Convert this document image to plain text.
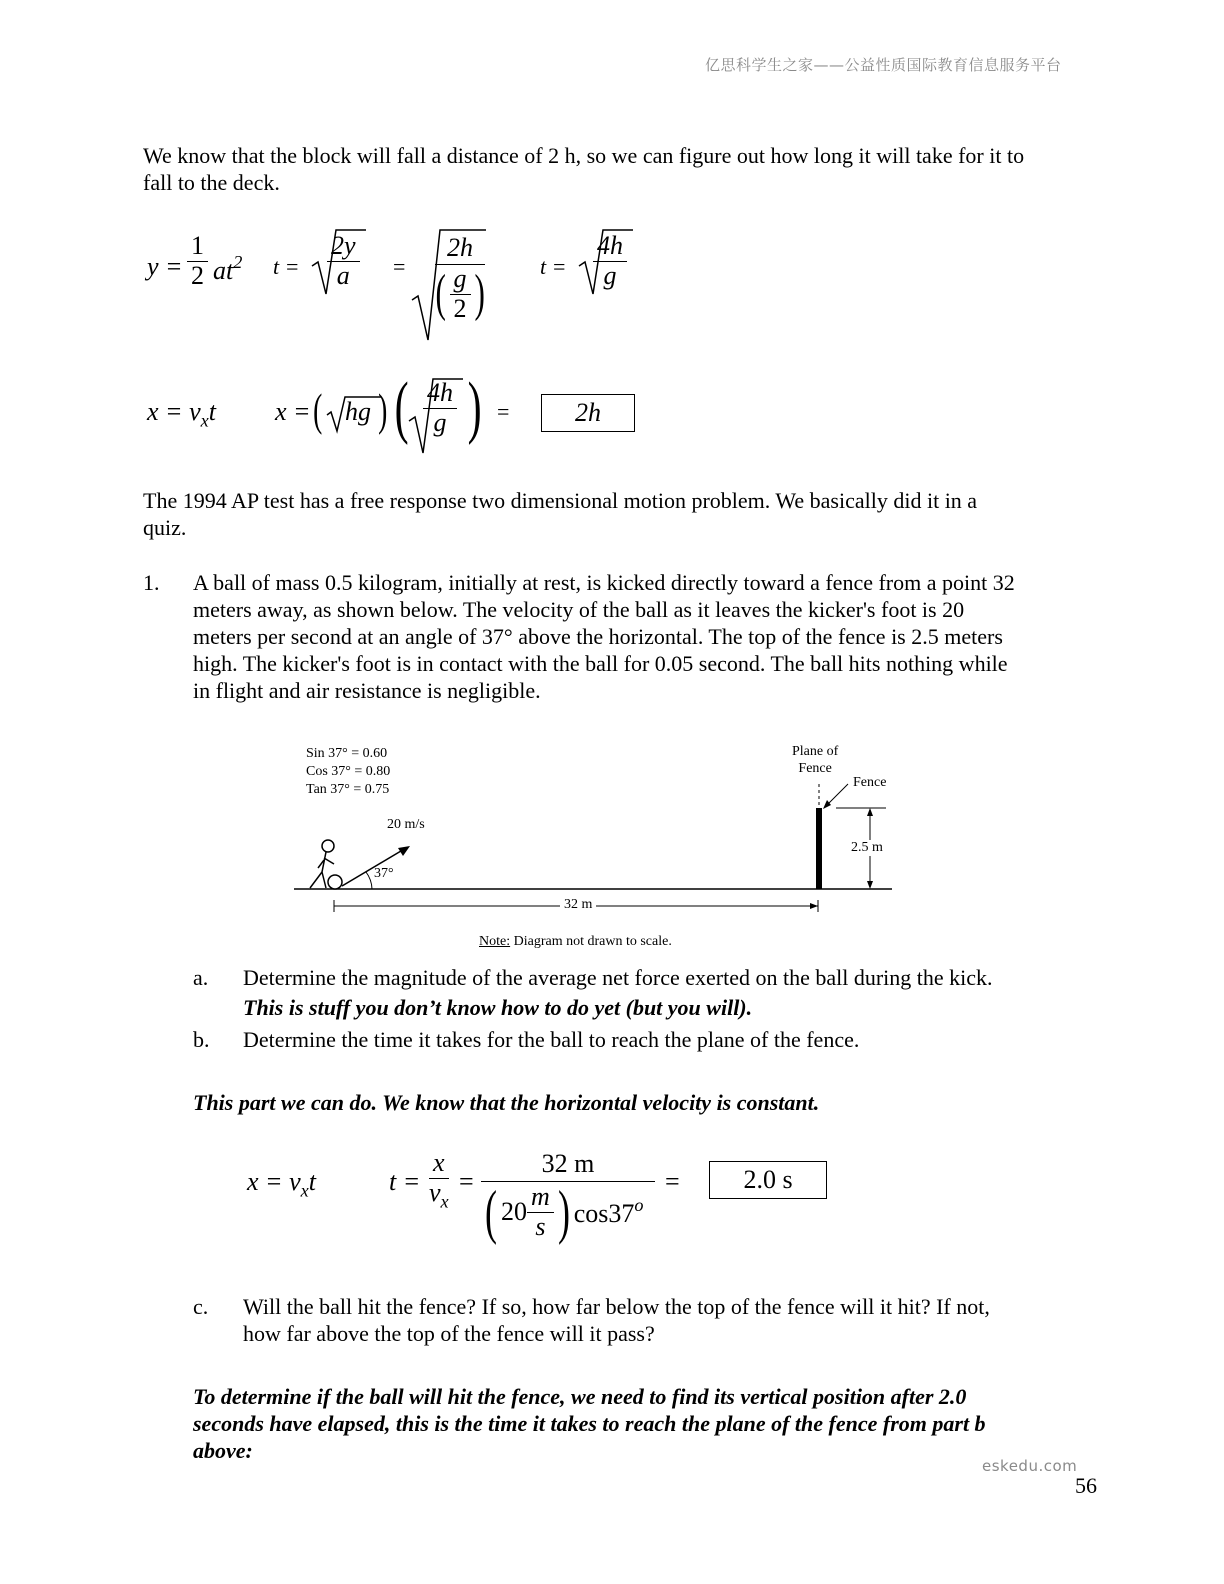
亿思科学生之家——公益性质国际教育信息服务平台
We know that the block will fall a distance of 2 h, so we can figure out how long it will take for it to
fall to the deck.
$y = \frac{1}{2} at^2$ $t = \frac{2y}{a} = \frac{2h}{( \frac{g}{2} )}$	$t = \frac{4h}{g}$
$x = v_xt$ x = ( hg ) ( $\frac{4h}{g}$ ) =	2h
The 1994 AP test has a free response two dimensional motion problem. We basically did it in a
quiz.
1. A ball of mass 0.5 kilogram, initially at rest, is kicked directly toward a fence from a point 32
meters away, as shown below. The velocity of the ball as it leaves the kicker's foot is 20
meters per second at an angle of 37° above the horizontal. The top of the fence is 2.5 meters
high. The kicker's foot is in contact with the ball for 0.05 second. The ball hits nothing while
in flight and air resistance is negligible.
Sin 37° = 0.60
Cos 37° = 0.80
Tan 37° = 0.75
20 m/s
37°
Plane of
Fence
Fence
2.5 m
32 m
Note: Diagram not drawn to scale.
a. Determine the magnitude of the average net force exerted on the ball during the kick.
This is stuff you don’t know how to do yet (but you will).
b. Determine the time it takes for the ball to reach the plane of the fence.
This part we can do. We know that the horizontal velocity is constant.
$x = v_xt$	$t = \frac{x}{v_x}$ =
32 m
( $20 \frac{m}{s}$ ) $\cos 37^o$
=	2.0 s
c. Will the ball hit the fence? If so, how far below the top of the fence will it hit? If not,
how far above the top of the fence will it pass?
To determine if the ball will hit the fence, we need to find its vertical position after 2.0
seconds have elapsed, this is the time it takes to reach the plane of the fence from part b
above:
eskedu.com
56
